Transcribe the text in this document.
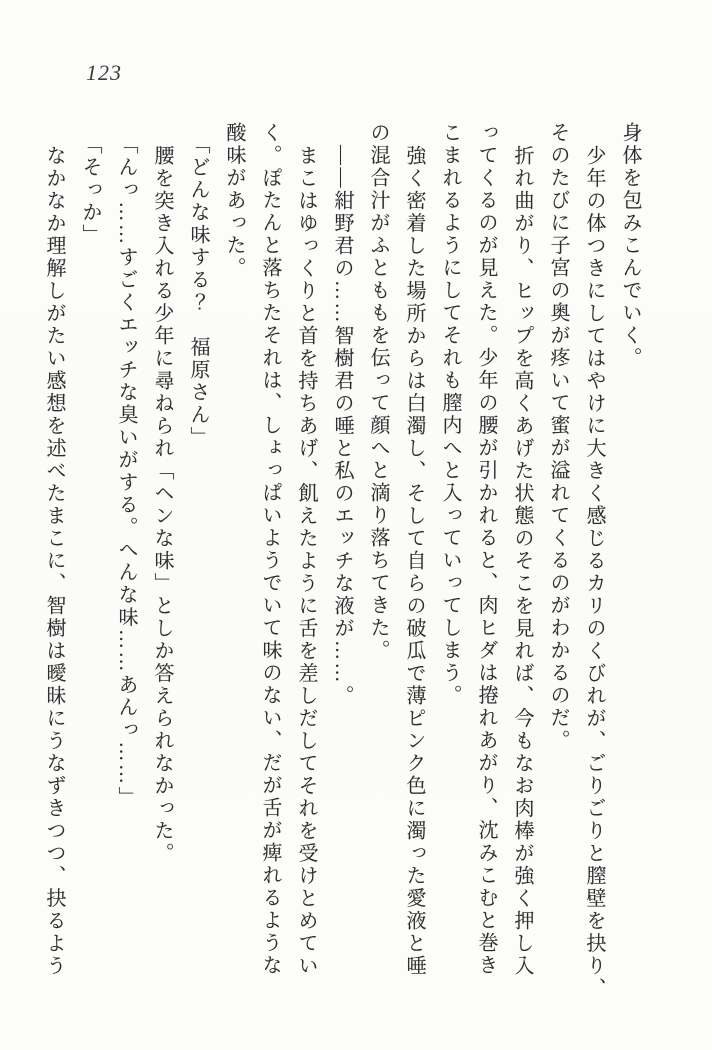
123
身体を包みこんでいく。
少年の体つきにしてはやけに大きく感じるカリのくびれが、ごりごりと膣壁を抉り、
そのたびに子宮の奥が疼いて蜜が溢れてくるのがわかるのだ。
折れ曲がり、ヒップを高くあげた状態のそこを見れば、今もなお肉棒が強く押し入
ってくるのが見えた。少年の腰が引かれると、肉ヒダは捲れあがり、沈みこむと巻き
こまれるようにしてそれも膣内へと入っていってしまう。
強く密着した場所からは白濁し、そして自らの破瓜で薄ピンク色に濁った愛液と唾
の混合汁がふとももを伝って顔へと滴り落ちてきた。
――紺野君の……智樹君の唾と私のエッチな液が……。
まこはゆっくりと首を持ちあげ、飢えたように舌を差しだしてそれを受けとめてい
く。ぽたんと落ちたそれは、しょっぱいようでいて味のない、だが舌が痺れるような
酸味があった。
「どんな味する？　福原さん」
腰を突き入れる少年に尋ねられ「ヘンな味」としか答えられなかった。
「んっ……すごくエッチな臭いがする。へんな味……あんっ……」
「そっか」
なかなか理解しがたい感想を述べたまこに、智樹は曖昧にうなずきつつ、抉るよう
